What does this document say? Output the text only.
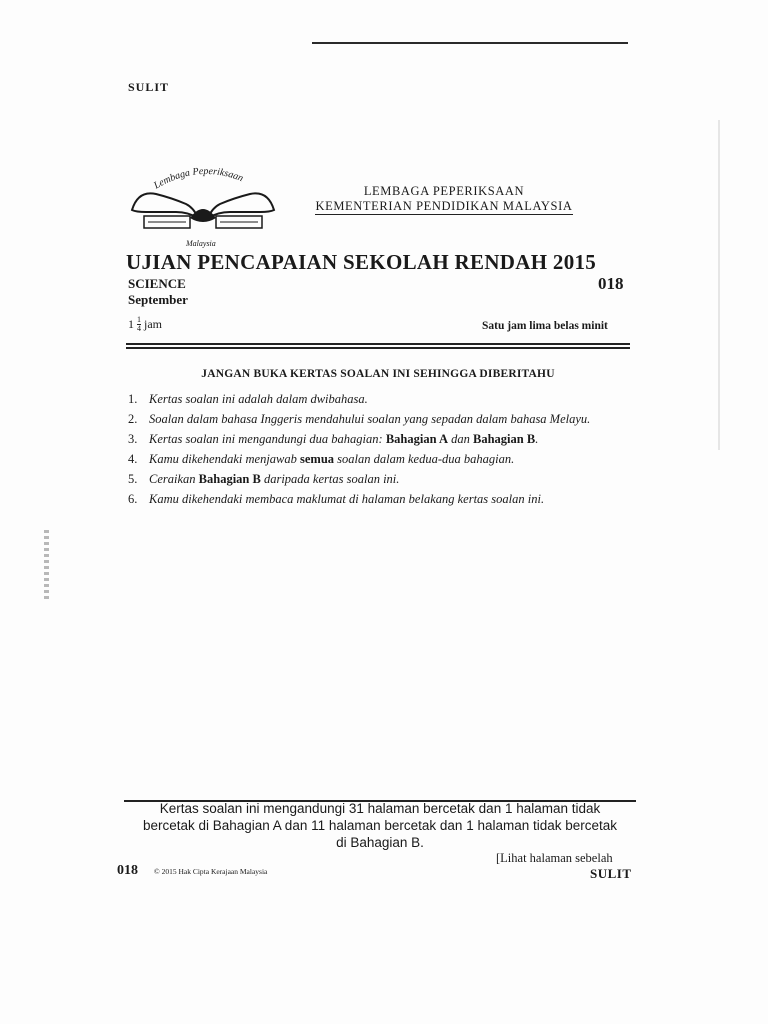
SULIT
Lembaga Peperiksaan
Malaysia
LEMBAGA PEPERIKSAAN
KEMENTERIAN PENDIDIKAN MALAYSIA
UJIAN PENCAPAIAN SEKOLAH RENDAH 2015
SCIENCE	018
September
$1 \frac{1}{4}$ jam	Satu jam lima belas minit
JANGAN BUKA KERTAS SOALAN INI SEHINGGA DIBERITAHU
1. Kertas soalan ini adalah dalam dwibahasa.
2. Soalan dalam bahasa Inggeris mendahului soalan yang sepadan dalam bahasa Melayu.
3. Kertas soalan ini mengandungi dua bahagian: Bahagian A dan Bahagian B.
4. Kamu dikehendaki menjawab semua soalan dalam kedua-dua bahagian.
5. Ceraikan Bahagian B daripada kertas soalan ini.
6. Kamu dikehendaki membaca maklumat di halaman belakang kertas soalan ini.
Kertas soalan ini mengandungi 31 halaman bercetak dan 1 halaman tidak
bercetak di Bahagian A dan 11 halaman bercetak dan 1 halaman tidak bercetak
di Bahagian B.
[Lihat halaman sebelah
018 © 2015 Hak Cipta Kerajaan Malaysia	SULIT
